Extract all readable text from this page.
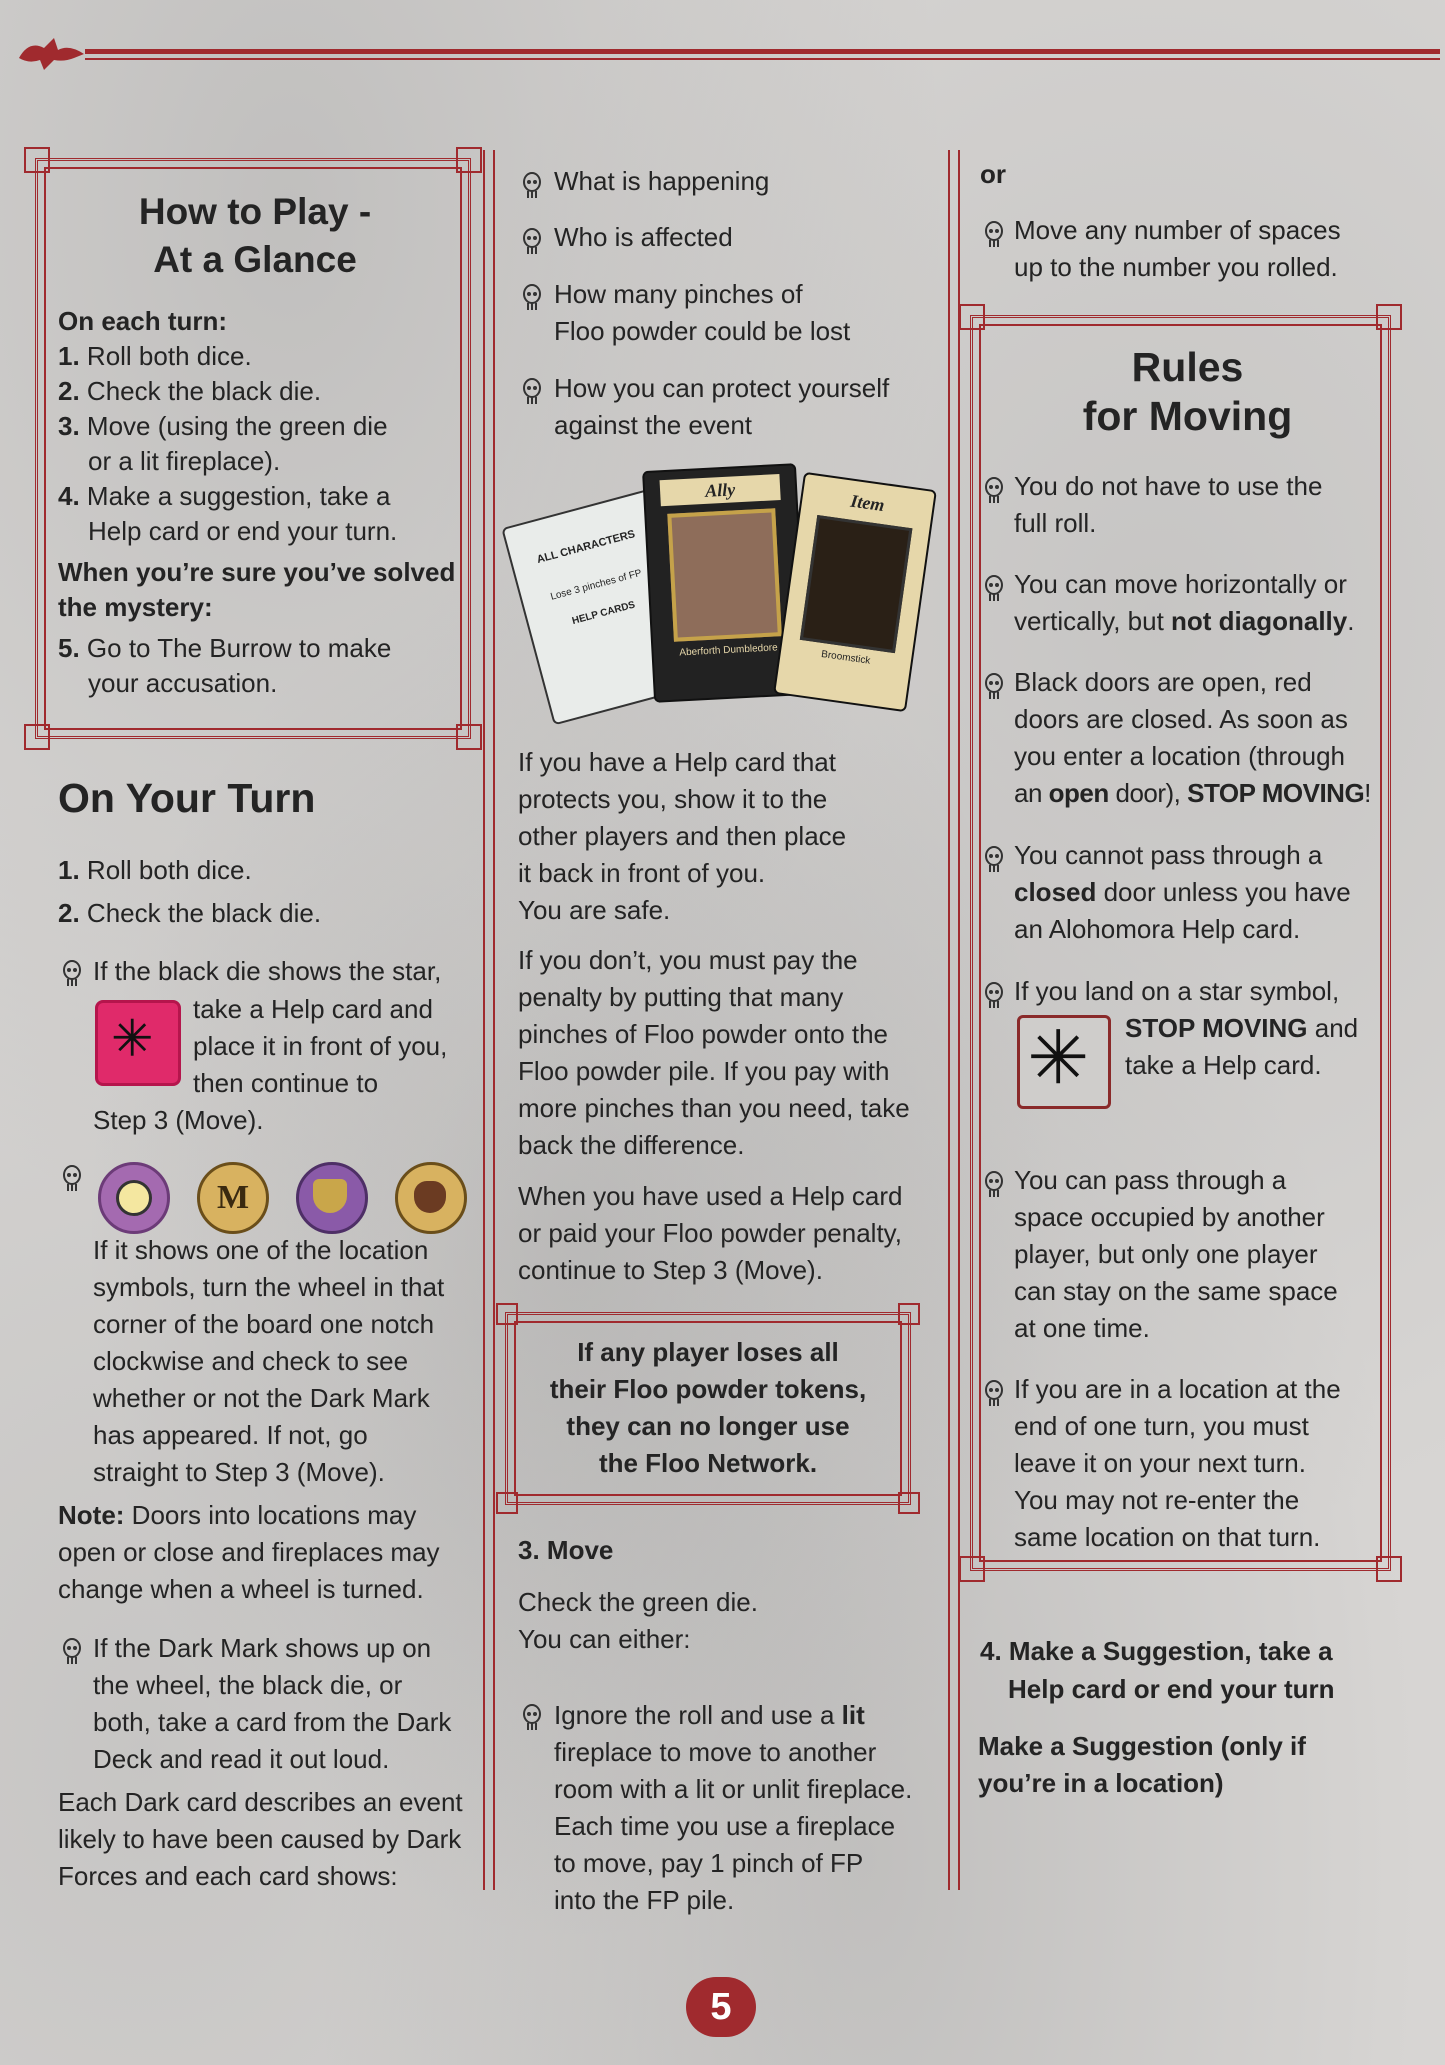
How to Play -
At a Glance
On each turn:
1. Roll both dice.
2. Check the black die.
3. Move (using the green die
or a lit fireplace).
4. Make a suggestion, take a
Help card or end your turn.
When you’re sure you’ve solved
the mystery:
5. Go to The Burrow to make
your accusation.
On Your Turn
1. Roll both dice.
2. Check the black die.
If the black die shows the star,
take a Help card and
place it in front of you,
then continue to
Step 3 (Move).
M
If it shows one of the location
symbols, turn the wheel in that
corner of the board one notch
clockwise and check to see
whether or not the Dark Mark
has appeared. If not, go
straight to Step 3 (Move).
Note: Doors into locations may
open or close and fireplaces may
change when a wheel is turned.
If the Dark Mark shows up on
the wheel, the black die, or
both, take a card from the Dark
Deck and read it out loud.
Each Dark card describes an event
likely to have been caused by Dark
Forces and each card shows:
What is happening
Who is affected
How many pinches of
Floo powder could be lost
How you can protect yourself
against the event
ALL CHARACTERS
Lose 3 pinches of FP
HELP CARDS
Ally
Aberforth Dumbledore
Item
Broomstick
If you have a Help card that
protects you, show it to the
other players and then place
it back in front of you.
You are safe.
If you don’t, you must pay the
penalty by putting that many
pinches of Floo powder onto the
Floo powder pile. If you pay with
more pinches than you need, take
back the difference.
When you have used a Help card
or paid your Floo powder penalty,
continue to Step 3 (Move).
If any player loses all
their Floo powder tokens,
they can no longer use
the Floo Network.
3. Move
Check the green die.
You can either:
Ignore the roll and use a lit
fireplace to move to another
room with a lit or unlit fireplace.
Each time you use a fireplace
to move, pay 1 pinch of FP
into the FP pile.
or
Move any number of spaces
up to the number you rolled.
Rules
for Moving
You do not have to use the
full roll.
You can move horizontally or
vertically, but not diagonally.
Black doors are open, red
doors are closed. As soon as
you enter a location (through
an open door), STOP MOVING!
You cannot pass through a
closed door unless you have
an Alohomora Help card.
If you land on a star symbol,
STOP MOVING and
take a Help card.
You can pass through a
space occupied by another
player, but only one player
can stay on the same space
at one time.
If you are in a location at the
end of one turn, you must
leave it on your next turn.
You may not re-enter the
same location on that turn.
4. Make a Suggestion, take a
Help card or end your turn
Make a Suggestion (only if
you’re in a location)
5
